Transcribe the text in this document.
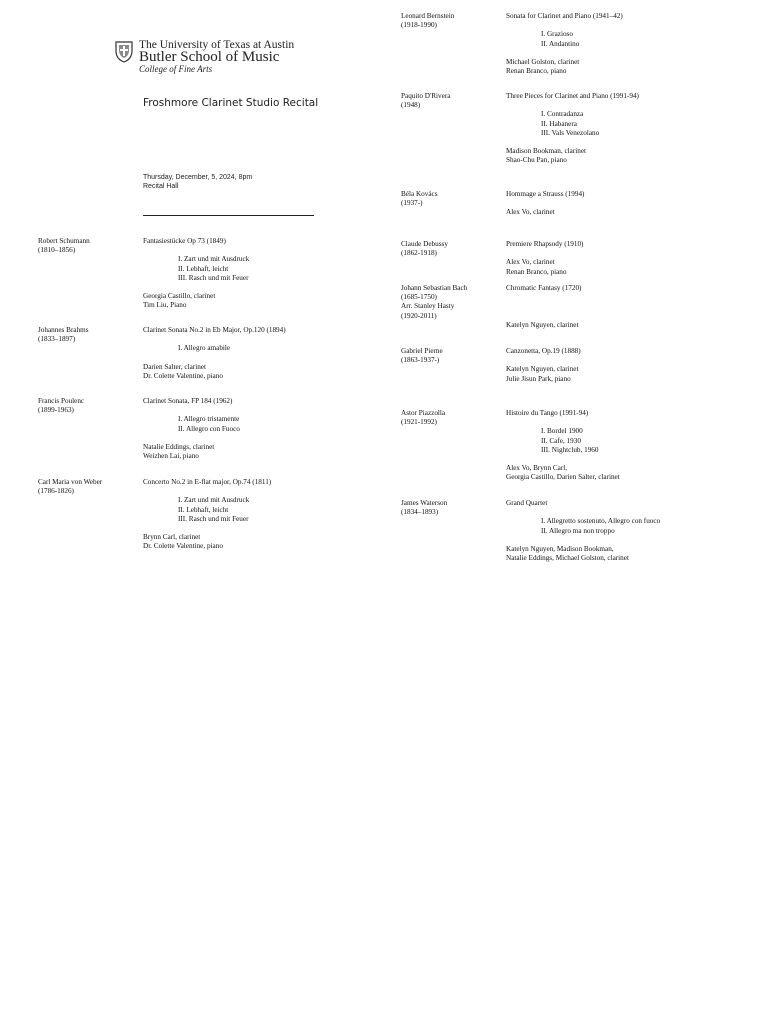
The University of Texas at Austin
Butler School of Music
College of Fine Arts
Froshmore Clarinet Studio Recital
Thursday, December, 5, 2024, 8pm
Recital Hall
Robert Schumann
(1810–1856)
Fantasiestücke Op 73 (1849)
I. Zart und mit Ausdruck
II. Lebhaft, leicht
III. Rasch und mit Feuer
Georgia Castillo, clarinet
Tim Liu, Piano
Johannes Brahms
(1833–1897)
Clarinet Sonata No.2 in Eb Major, Op.120 (1894)
I. Allegro amabile
Darien Salter, clarinet
Dr. Colette Valentine, piano
Francis Poulenc
(1899-1963)
Clarinet Sonata, FP 184 (1962)
I. Allegro tristamente
II. Allegro con Fuoco
Natalie Eddings, clarinet
Weizhen Lai, piano
Carl Maria von Weber
(1786-1826)
Concerto No.2 in E-flat major, Op.74 (1811)
I. Zart und mit Ausdruck
II. Lebhaft, leicht
III. Rasch und mit Feuer
Brynn Carl, clarinet
Dr. Colette Valentine, piano
Leonard Bernstein
(1918-1990)
Sonata for Clarinet and Piano (1941–42)
I. Grazioso
II. Andantino
Michael Golston, clarinet
Renan Branco, piano
Paquito D'Rivera
(1948)
Three Pieces for Clarinet and Piano (1991-94)
I. Contradanza
II. Habanera
III. Vals Venezolano
Madison Bookman, clarinet
Shao-Chu Pan, piano
Béla Kovács
(1937-)
Hommage a Strauss (1994)
Alex Vo, clarinet
Claude Debussy
(1862-1918)
Premiere Rhapsody (1910)
Alex Vo, clarinet
Renan Branco, piano
Johann Sebastian Bach
(1685-1750)
Arr. Stanley Hasty
(1920-2011)
Chromatic Fantasy (1720)
Katelyn Nguyen, clarinet
Gabriel Pierne
(1863-1937-)
Canzonetta, Op.19 (1888)
Katelyn Nguyen, clarinet
Julie Jisun Park, piano
Astor Piazzolla
(1921-1992)
Histoire du Tango (1991-94)
I. Bordel 1900
II. Cafe, 1930
III. Nightclub, 1960
Alex Vo, Brynn Carl,
Georgia Castillo, Darien Salter, clarinet
James Waterson
(1834–1893)
Grand Quartet
I. Allegretto sostenuto, Allegro con fuoco
II. Allegro ma non troppo
Katelyn Nguyen, Madison Bookman,
Natalie Eddings, Michael Golston, clarinet
